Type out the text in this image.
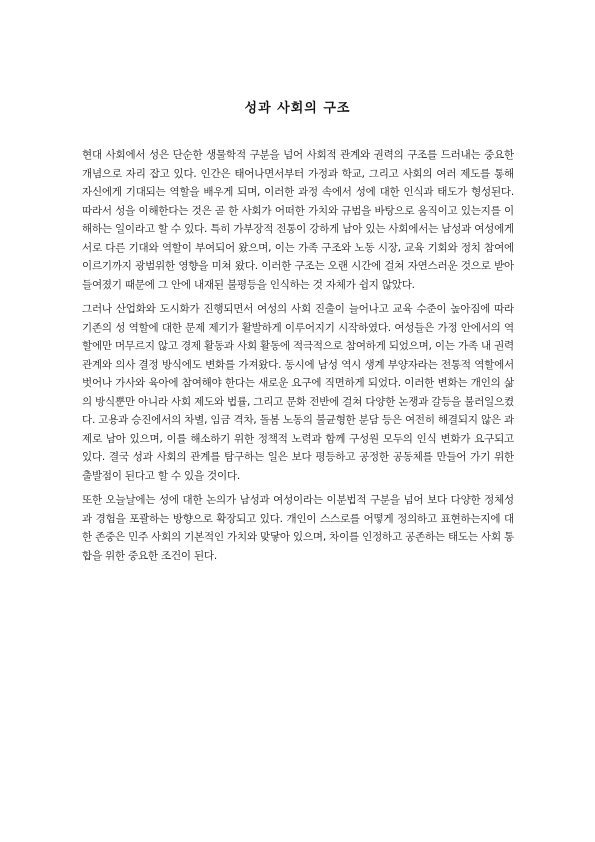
성과 사회의 구조

현대 사회에서 성은 단순한 생물학적 구분을 넘어 사회적 관계와 권력의 구조를 드러내는 중요한 개념으로 자리 잡고 있다. 인간은 태어나면서부터 가정과 학교, 그리고 사회의 여러 제도를 통해 자신에게 기대되는 역할을 배우게 되며, 이러한 과정 속에서 성에 대한 인식과 태도가 형성된다. 따라서 성을 이해한다는 것은 곧 한 사회가 어떠한 가치와 규범을 바탕으로 움직이고 있는지를 이해하는 일이라고 할 수 있다. 특히 가부장적 전통이 강하게 남아 있는 사회에서는 남성과 여성에게 서로 다른 기대와 역할이 부여되어 왔으며, 이는 가족 구조와 노동 시장, 교육 기회와 정치 참여에 이르기까지 광범위한 영향을 미쳐 왔다. 이러한 구조는 오랜 시간에 걸쳐 자연스러운 것으로 받아들여졌기 때문에 그 안에 내재된 불평등을 인식하는 것 자체가 쉽지 않았다.

그러나 산업화와 도시화가 진행되면서 여성의 사회 진출이 늘어나고 교육 수준이 높아짐에 따라 기존의 성 역할에 대한 문제 제기가 활발하게 이루어지기 시작하였다. 여성들은 가정 안에서의 역할에만 머무르지 않고 경제 활동과 사회 활동에 적극적으로 참여하게 되었으며, 이는 가족 내 권력 관계와 의사 결정 방식에도 변화를 가져왔다. 동시에 남성 역시 생계 부양자라는 전통적 역할에서 벗어나 가사와 육아에 참여해야 한다는 새로운 요구에 직면하게 되었다. 이러한 변화는 개인의 삶의 방식뿐만 아니라 사회 제도와 법률, 그리고 문화 전반에 걸쳐 다양한 논쟁과 갈등을 불러일으켰다. 고용과 승진에서의 차별, 임금 격차, 돌봄 노동의 불균형한 분담 등은 여전히 해결되지 않은 과제로 남아 있으며, 이를 해소하기 위한 정책적 노력과 함께 구성원 모두의 인식 변화가 요구되고 있다. 결국 성과 사회의 관계를 탐구하는 일은 보다 평등하고 공정한 공동체를 만들어 가기 위한 출발점이 된다고 할 수 있을 것이다.

또한 오늘날에는 성에 대한 논의가 남성과 여성이라는 이분법적 구분을 넘어 보다 다양한 정체성과 경험을 포괄하는 방향으로 확장되고 있다. 개인이 스스로를 어떻게 정의하고 표현하는지에 대한 존중은 민주 사회의 기본적인 가치와 맞닿아 있으며, 차이를 인정하고 공존하는 태도는 사회 통합을 위한 중요한 조건이 된다.
